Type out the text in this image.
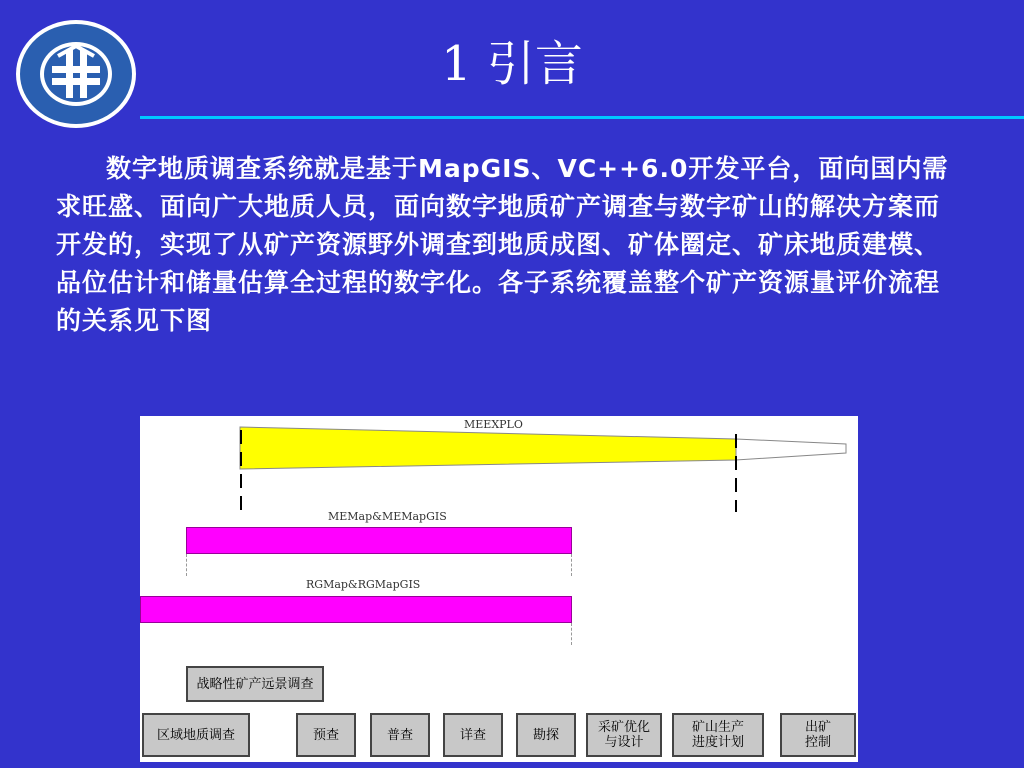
1 引言

数字地质调查系统就是基于MapGIS、VC++6.0开发平台，面向国内需求旺盛、面向广大地质人员，面向数字地质矿产调查与数字矿山的解决方案而开发的，实现了从矿产资源野外调查到地质成图、矿体圈定、矿床地质建模、品位估计和储量估算全过程的数字化。各子系统覆盖整个矿产资源量评价流程的关系见下图

MEEXPLO
MEMap&MEMapGIS
RGMap&RGMapGIS
战略性矿产远景调查
区域地质调查	预查	普查	详查	勘探	采矿优化
与设计
矿山生产
进度计划
出矿
控制
